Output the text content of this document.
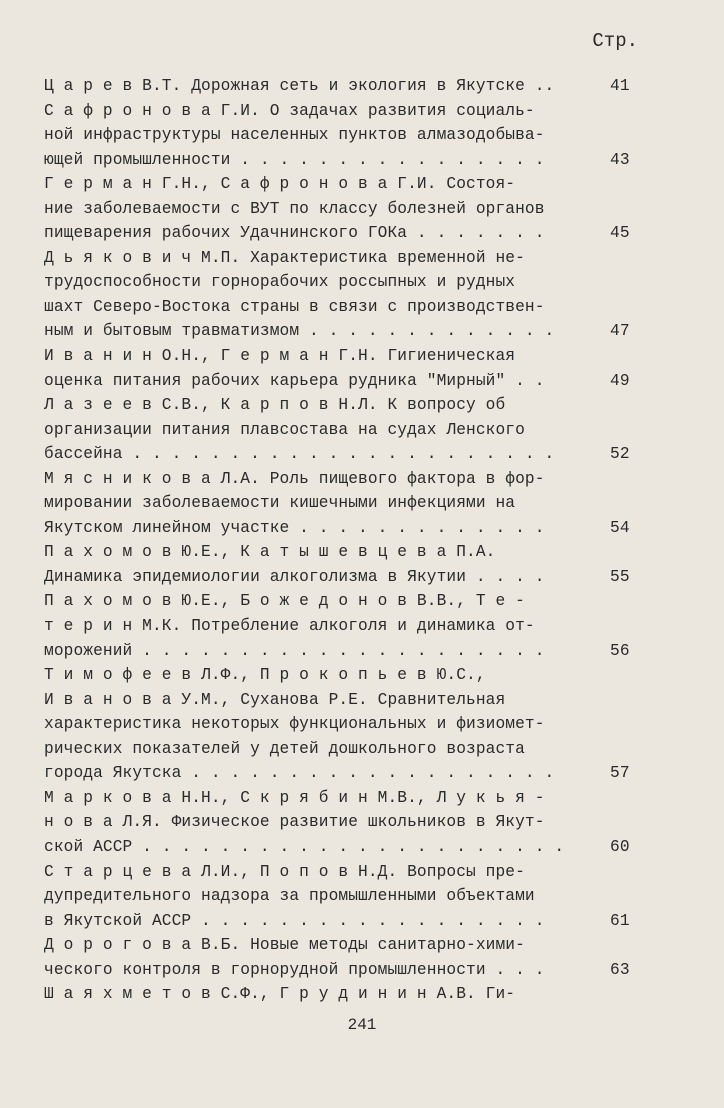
Стр.
Ц а р е в В.Т. Дорожная сеть и экология в Якутске ..	41
С а ф р о н о в а Г.И. О задачах развития социаль-
ной инфраструктуры населенных пунктов алмазодобыва-
ющей промышленности . . . . . . . . . . . . . . . .	43
Г е р м а н Г.Н., С а ф р о н о в а Г.И. Состоя-
ние заболеваемости с ВУТ по классу болезней органов
пищеварения рабочих Удачнинского ГОКа . . . . . . .	45
Д ь я к о в и ч М.П. Характеристика временной не-
трудоспособности горнорабочих россыпных и рудных
шахт Северо-Востока страны в связи с производствен-
ным и бытовым травматизмом . . . . . . . . . . . . .	47
И в а н и н О.Н., Г е р м а н Г.Н. Гигиеническая
оценка питания рабочих карьера рудника "Мирный" . .	49
Л а з е е в С.В., К а р п о в Н.Л. К вопросу об
организации питания плавсостава на судах Ленского
бассейна . . . . . . . . . . . . . . . . . . . . . .	52
М я с н и к о в а Л.А. Роль пищевого фактора в фор-
мировании заболеваемости кишечными инфекциями на
Якутском линейном участке . . . . . . . . . . . . .	54
П а х о м о в Ю.Е., К а т ы ш е в ц е в а П.А.
Динамика эпидемиологии алкоголизма в Якутии . . . .	55
П а х о м о в Ю.Е., Б о ж е д о н о в В.В., Т е -
т е р и н М.К. Потребление алкоголя и динамика от-
морожений . . . . . . . . . . . . . . . . . . . . .	56
Т и м о ф е е в Л.Ф., П р о к о п ь е в Ю.С.,
И в а н о в а У.М., Суханова Р.Е. Сравнительная
характеристика некоторых функциональных и физиомет-
рических показателей у детей дошкольного возраста
города Якутска . . . . . . . . . . . . . . . . . . .	57
М а р к о в а Н.Н., С к р я б и н М.В., Л у к ь я -
н о в а Л.Я. Физическое развитие школьников в Якут-
ской АССР . . . . . . . . . . . . . . . . . . . . . .	60
С т а р ц е в а Л.И., П о п о в Н.Д. Вопросы пре-
дупредительного надзора за промышленными объектами
в Якутской АССР . . . . . . . . . . . . . . . . . .	61
Д о р о г о в а В.Б. Новые методы санитарно-хими-
ческого контроля в горнорудной промышленности . . .	63
Ш а я х м е т о в С.Ф., Г р у д и н и н А.В. Ги-
241
